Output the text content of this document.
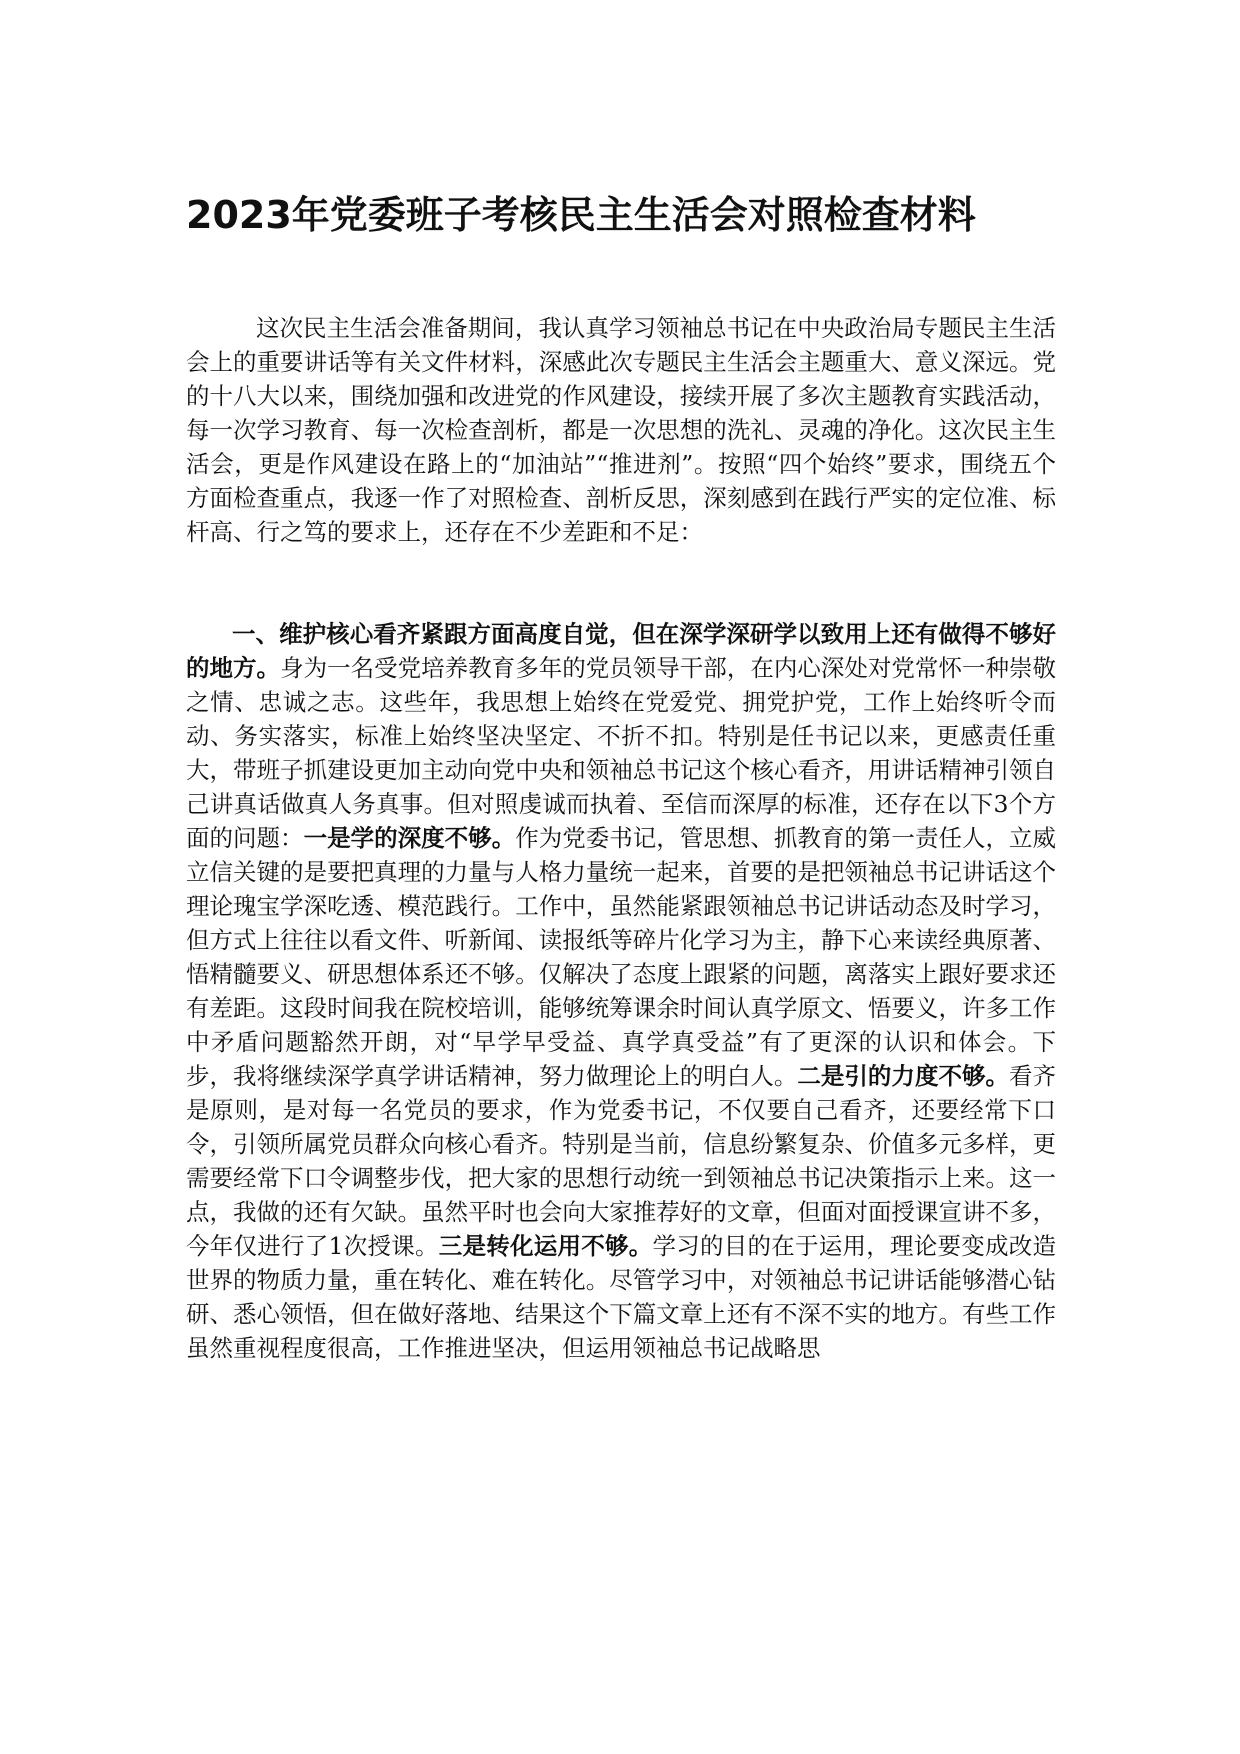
2023年党委班子考核民主生活会对照检查材料

这次民主生活会准备期间，我认真学习领袖总书记在中央政治局专题民主生活会上的重要讲话等有关文件材料，深感此次专题民主生活会主题重大、意义深远。党的十八大以来，围绕加强和改进党的作风建设，接续开展了多次主题教育实践活动，每一次学习教育、每一次检查剖析，都是一次思想的洗礼、灵魂的净化。这次民主生活会，更是作风建设在路上的“加油站”“推进剂”。按照“四个始终”要求，围绕五个方面检查重点，我逐一作了对照检查、剖析反思，深刻感到在践行严实的定位准、标杆高、行之笃的要求上，还存在不少差距和不足：

一、维护核心看齐紧跟方面高度自觉，但在深学深研学以致用上还有做得不够好的地方。身为一名受党培养教育多年的党员领导干部，在内心深处对党常怀一种崇敬之情、忠诚之志。这些年，我思想上始终在党爱党、拥党护党，工作上始终听令而动、务实落实，标准上始终坚决坚定、不折不扣。特别是任书记以来，更感责任重大，带班子抓建设更加主动向党中央和领袖总书记这个核心看齐，用讲话精神引领自己讲真话做真人务真事。但对照虔诚而执着、至信而深厚的标准，还存在以下3个方面的问题：一是学的深度不够。作为党委书记，管思想、抓教育的第一责任人，立威立信关键的是要把真理的力量与人格力量统一起来，首要的是把领袖总书记讲话这个理论瑰宝学深吃透、模范践行。工作中，虽然能紧跟领袖总书记讲话动态及时学习，但方式上往往以看文件、听新闻、读报纸等碎片化学习为主，静下心来读经典原著、悟精髓要义、研思想体系还不够。仅解决了态度上跟紧的问题，离落实上跟好要求还有差距。这段时间我在院校培训，能够统筹课余时间认真学原文、悟要义，许多工作中矛盾问题豁然开朗，对“早学早受益、真学真受益”有了更深的认识和体会。下步，我将继续深学真学讲话精神，努力做理论上的明白人。二是引的力度不够。看齐是原则，是对每一名党员的要求，作为党委书记，不仅要自己看齐，还要经常下口令，引领所属党员群众向核心看齐。特别是当前，信息纷繁复杂、价值多元多样，更需要经常下口令调整步伐，把大家的思想行动统一到领袖总书记决策指示上来。这一点，我做的还有欠缺。虽然平时也会向大家推荐好的文章，但面对面授课宣讲不多，今年仅进行了1次授课。三是转化运用不够。学习的目的在于运用，理论要变成改造世界的物质力量，重在转化、难在转化。尽管学习中，对领袖总书记讲话能够潜心钻研、悉心领悟，但在做好落地、结果这个下篇文章上还有不深不实的地方。有些工作虽然重视程度很高，工作推进坚决，但运用领袖总书记战略思
